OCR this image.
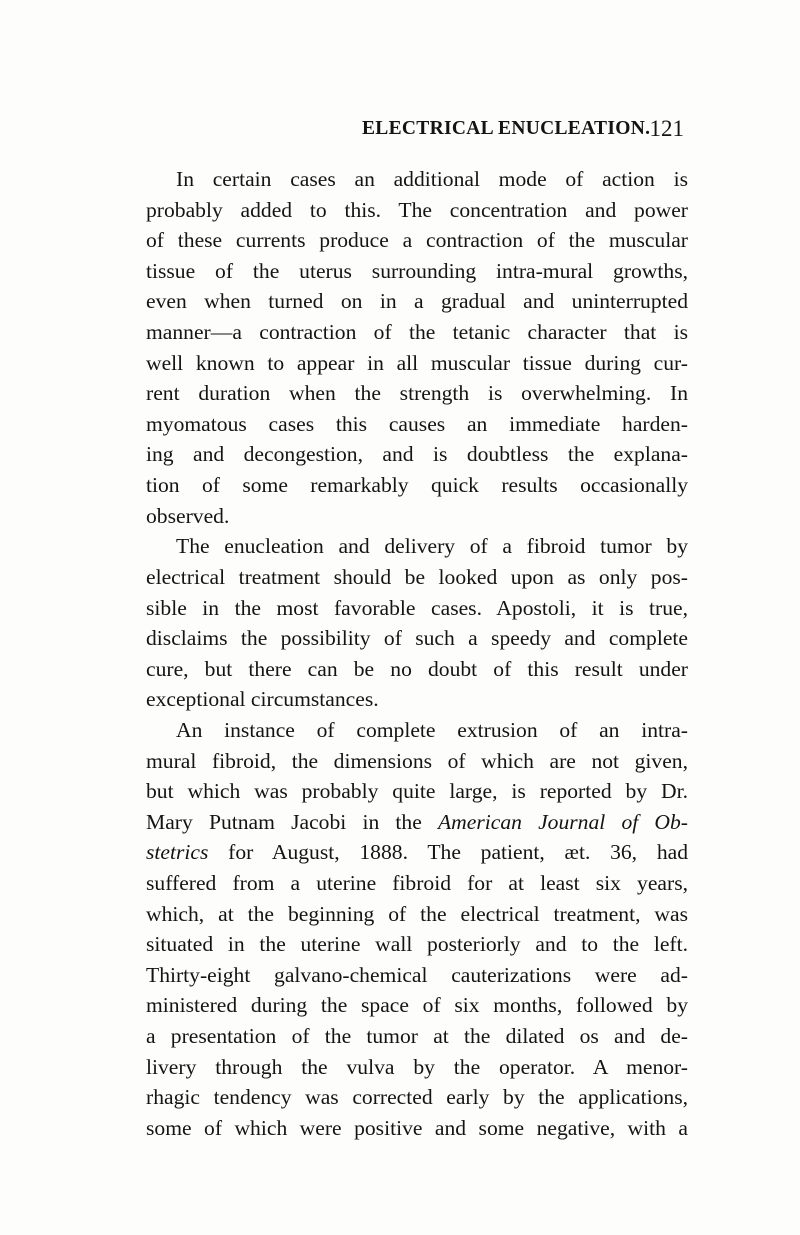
ELECTRICAL ENUCLEATION. 121
In certain cases an additional mode of action is
probably added to this. The concentration and power
of these currents produce a contraction of the muscular
tissue of the uterus surrounding intra-mural growths,
even when turned on in a gradual and uninterrupted
manner—a contraction of the tetanic character that is
well known to appear in all muscular tissue during cur-
rent duration when the strength is overwhelming. In
myomatous cases this causes an immediate harden-
ing and decongestion, and is doubtless the explana-
tion of some remarkably quick results occasionally
observed.
The enucleation and delivery of a fibroid tumor by
electrical treatment should be looked upon as only pos-
sible in the most favorable cases. Apostoli, it is true,
disclaims the possibility of such a speedy and complete
cure, but there can be no doubt of this result under
exceptional circumstances.
An instance of complete extrusion of an intra-
mural fibroid, the dimensions of which are not given,
but which was probably quite large, is reported by Dr.
Mary Putnam Jacobi in the American Journal of Ob-
stetrics for August, 1888. The patient, æt. 36, had
suffered from a uterine fibroid for at least six years,
which, at the beginning of the electrical treatment, was
situated in the uterine wall posteriorly and to the left.
Thirty-eight galvano-chemical cauterizations were ad-
ministered during the space of six months, followed by
a presentation of the tumor at the dilated os and de-
livery through the vulva by the operator. A menor-
rhagic tendency was corrected early by the applications,
some of which were positive and some negative, with a
